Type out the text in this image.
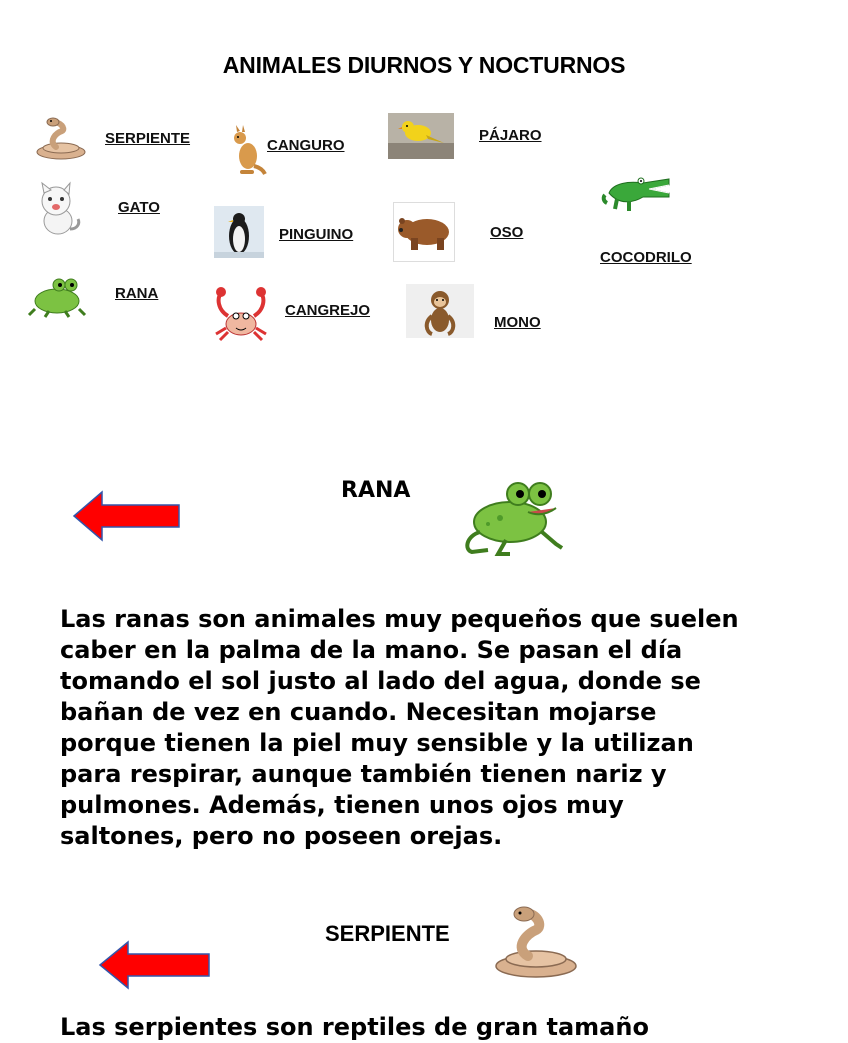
ANIMALES DIURNOS Y NOCTURNOS
SERPIENTE	CANGURO
PÁJARO
GATO
PINGUINO	OSO
COCODRILO
RANA
CANGREJO
MONO
RANA
Las ranas son animales muy pequeños que suelen caber en la palma de la mano. Se pasan el día tomando el sol justo al lado del agua, donde se bañan de vez en cuando. Necesitan mojarse porque tienen la piel muy sensible y la utilizan para respirar, aunque también tienen nariz y pulmones. Además, tienen unos ojos muy saltones, pero no poseen orejas.
SERPIENTE
Las serpientes son reptiles de gran tamaño
